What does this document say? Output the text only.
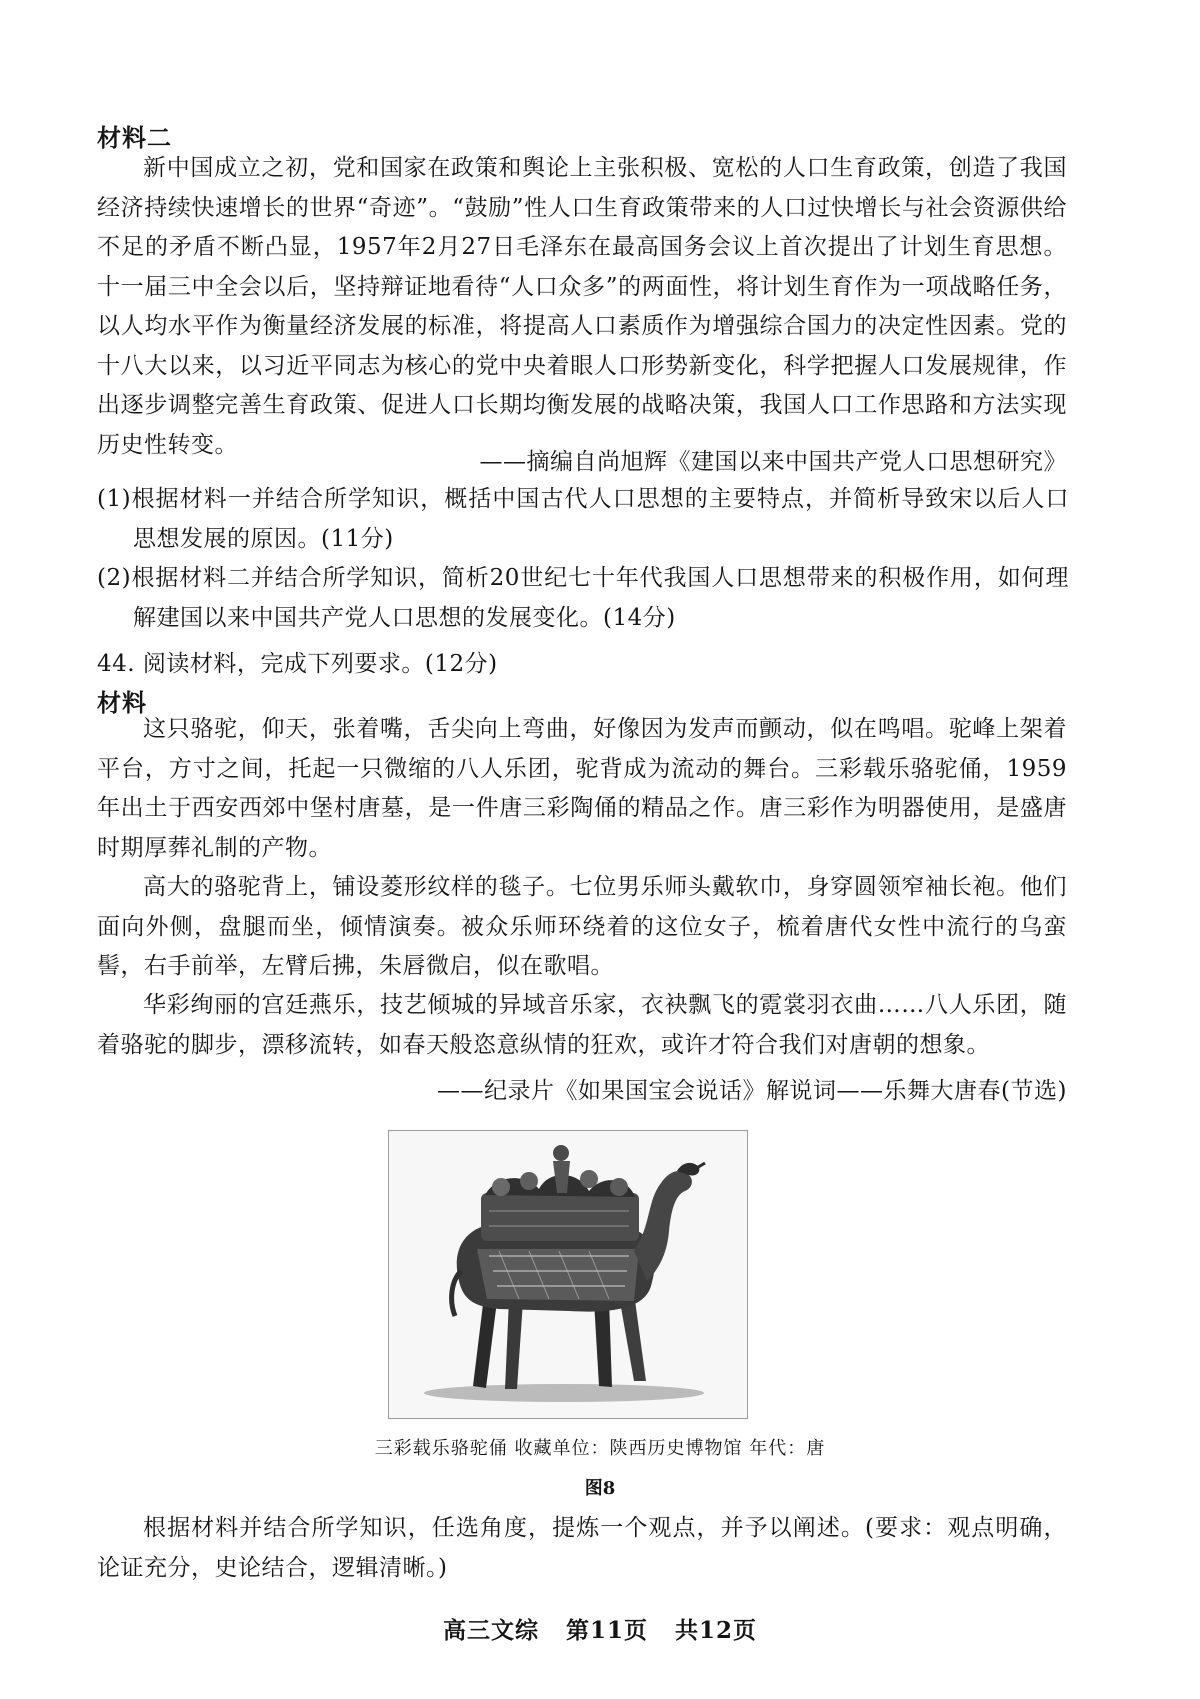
材料二
新中国成立之初，党和国家在政策和舆论上主张积极、宽松的人口生育政策，创造了我国经济持续快速增长的世界“奇迹”。“鼓励”性人口生育政策带来的人口过快增长与社会资源供给不足的矛盾不断凸显，1957年2月27日毛泽东在最高国务会议上首次提出了计划生育思想。十一届三中全会以后，坚持辩证地看待“人口众多”的两面性，将计划生育作为一项战略任务，以人均水平作为衡量经济发展的标准，将提高人口素质作为增强综合国力的决定性因素。党的十八大以来，以习近平同志为核心的党中央着眼人口形势新变化，科学把握人口发展规律，作出逐步调整完善生育政策、促进人口长期均衡发展的战略决策，我国人口工作思路和方法实现历史性转变。
——摘编自尚旭辉《建国以来中国共产党人口思想研究》
(1)根据材料一并结合所学知识，概括中国古代人口思想的主要特点，并简析导致宋以后人口思想发展的原因。(11分)
(2)根据材料二并结合所学知识，简析20世纪七十年代我国人口思想带来的积极作用，如何理解建国以来中国共产党人口思想的发展变化。(14分)
44. 阅读材料，完成下列要求。(12分)
材料
这只骆驼，仰天，张着嘴，舌尖向上弯曲，好像因为发声而颤动，似在鸣唱。驼峰上架着平台，方寸之间，托起一只微缩的八人乐团，驼背成为流动的舞台。三彩载乐骆驼俑，1959年出土于西安西郊中堡村唐墓，是一件唐三彩陶俑的精品之作。唐三彩作为明器使用，是盛唐时期厚葬礼制的产物。
高大的骆驼背上，铺设菱形纹样的毯子。七位男乐师头戴软巾，身穿圆领窄袖长袍。他们面向外侧，盘腿而坐，倾情演奏。被众乐师环绕着的这位女子，梳着唐代女性中流行的乌蛮髻，右手前举，左臂后拂，朱唇微启，似在歌唱。
华彩绚丽的宫廷燕乐，技艺倾城的异域音乐家，衣袂飘飞的霓裳羽衣曲……八人乐团，随着骆驼的脚步，漂移流转，如春天般恣意纵情的狂欢，或许才符合我们对唐朝的想象。
——纪录片《如果国宝会说话》解说词——乐舞大唐春(节选)
三彩载乐骆驼俑 收藏单位：陕西历史博物馆 年代：唐
图8
根据材料并结合所学知识，任选角度，提炼一个观点，并予以阐述。(要求：观点明确，论证充分，史论结合，逻辑清晰。)
高三文综 第11页 共12页
